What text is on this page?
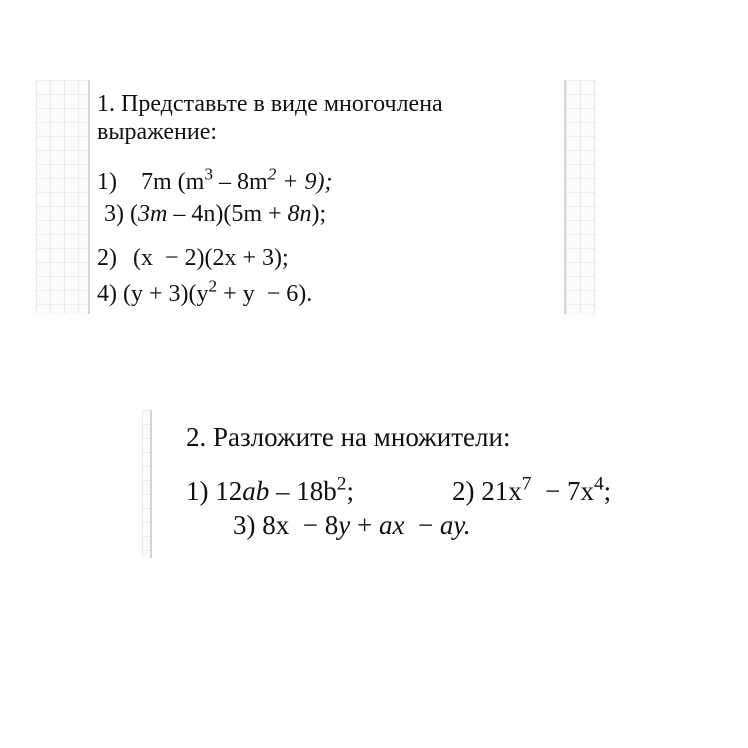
1. Представьте в виде многочлена
выражение:
1) 7m $(m^3 - 8m^2 + 9)$;
3) (3m – 4n)(5m + 8n);
2) (x  − 2)(2x + 3);
4) $(y + 3)(y^2 + y - 6)$.
2. Разложите на множители:
1) $12ab - 18b^2$;	2) $21x^7 - 7x^4$;
3) 8x  − 8y + ax  − ay.
